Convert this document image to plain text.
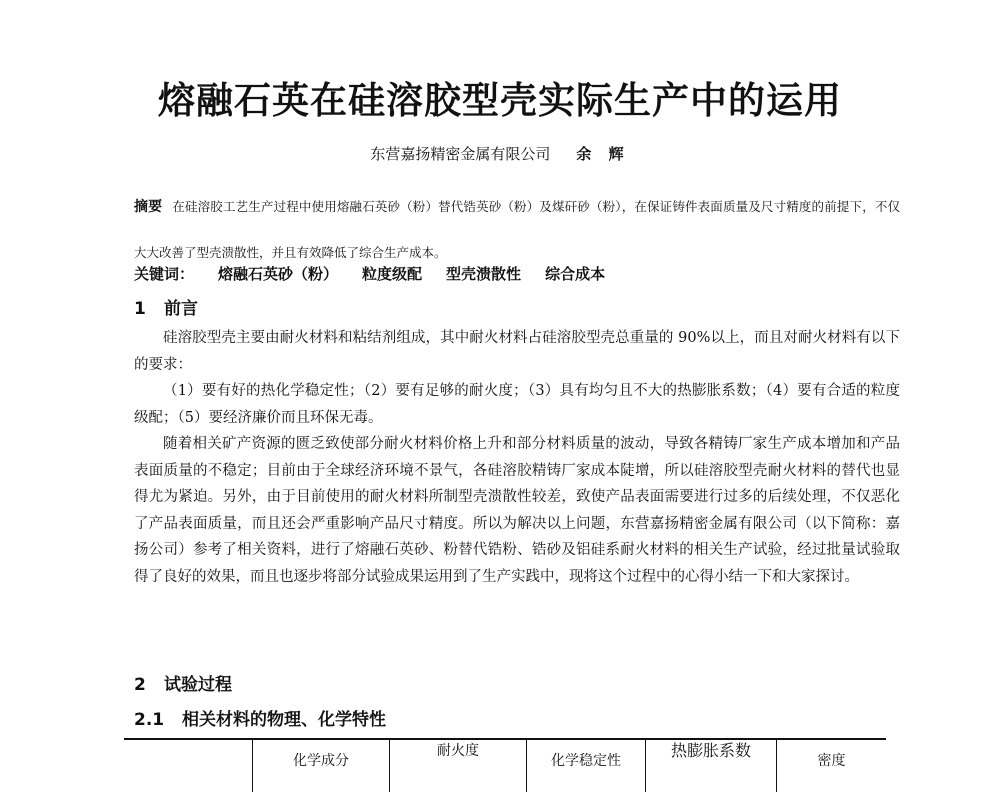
熔融石英在硅溶胶型壳实际生产中的运用
东营嘉扬精密金属有限公司 余 辉

摘要 在硅溶胶工艺生产过程中使用熔融石英砂（粉）替代锆英砂（粉）及煤矸砂（粉），在保证铸件表面质量及尺寸精度的前提下，不仅大大改善了型壳溃散性，并且有效降低了综合生产成本。

关键词： 熔融石英砂（粉） 粒度级配 型壳溃散性 综合成本

1 前言

硅溶胶型壳主要由耐火材料和粘结剂组成，其中耐火材料占硅溶胶型壳总重量的 90%以上，而且对耐火材料有以下的要求：

（1）要有好的热化学稳定性；（2）要有足够的耐火度；（3）具有均匀且不大的热膨胀系数；（4）要有合适的粒度级配；（5）要经济廉价而且环保无毒。

随着相关矿产资源的匮乏致使部分耐火材料价格上升和部分材料质量的波动，导致各精铸厂家生产成本增加和产品表面质量的不稳定；目前由于全球经济环境不景气，各硅溶胶精铸厂家成本陡增，所以硅溶胶型壳耐火材料的替代也显得尤为紧迫。另外，由于目前使用的耐火材料所制型壳溃散性较差，致使产品表面需要进行过多的后续处理，不仅恶化了产品表面质量，而且还会严重影响产品尺寸精度。所以为解决以上问题，东营嘉扬精密金属有限公司（以下简称：嘉扬公司）参考了相关资料，进行了熔融石英砂、粉替代锆粉、锆砂及铝硅系耐火材料的相关生产试验，经过批量试验取得了良好的效果，而且也逐步将部分试验成果运用到了生产实践中，现将这个过程中的心得小结一下和大家探讨。

2 试验过程
2.1 相关材料的物理、化学特性
	化学成分	耐火度	化学稳定性	热膨胀系数	密度
